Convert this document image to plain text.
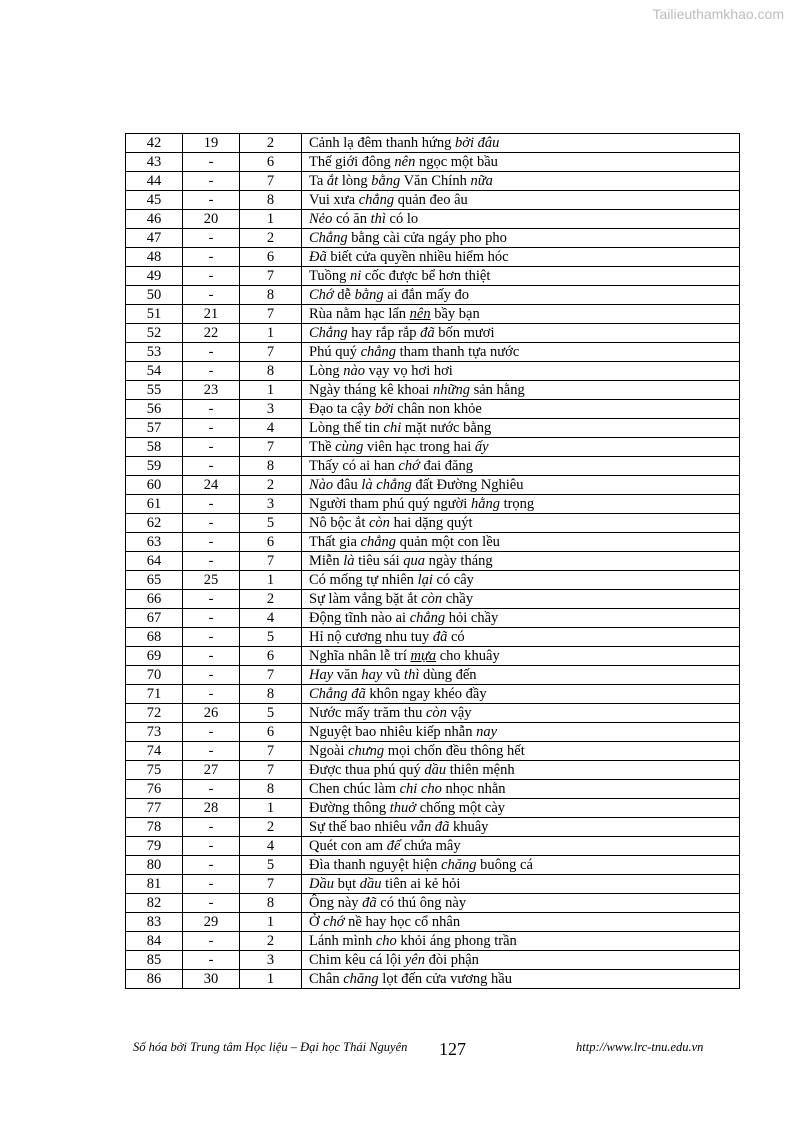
Tailieuthamkhao.com
42	19	2	Cảnh lạ đêm thanh hứng bởi đâu
43	-	6	Thế giới đông nên ngọc một bầu
44	-	7	Ta ắt lòng bằng Văn Chính nữa
45	-	8	Vui xưa chẳng quản đeo âu
46	20	1	Nẻo có ăn thì có lo
47	-	2	Chẳng bằng cài cửa ngáy pho pho
48	-	6	Đã biết cửa quyền nhiều hiểm hóc
49	-	7	Tuồng ni cốc được bể hơn thiệt
50	-	8	Chớ dễ bằng ai đắn mấy đo
51	21	7	Rùa nằm hạc lẩn nên bầy bạn
52	22	1	Chẳng hay rắp rắp đã bốn mươi
53	-	7	Phú quý chẳng tham thanh tựa nước
54	-	8	Lòng nào vạy vọ hơi hơi
55	23	1	Ngày tháng kê khoai những sản hằng
56	-	3	Đạo ta cậy bởi chân non khỏe
57	-	4	Lòng thể tin chi mặt nước bằng
58	-	7	Thề cùng viên hạc trong hai ấy
59	-	8	Thấy có ai han chớ đai đăng
60	24	2	Nào đâu là chẳng đất Đường Nghiêu
61	-	3	Người tham phú quý người hằng trọng
62	-	5	Nô bộc ắt còn hai dặng quýt
63	-	6	Thất gia chẳng quản một con lều
64	-	7	Miễn là tiêu sái qua ngày tháng
65	25	1	Có mống tự nhiên lại có cây
66	-	2	Sự làm vắng bặt ắt còn chầy
67	-	4	Động tĩnh nào ai chẳng hỏi chầy
68	-	5	Hỉ nộ cương nhu tuy đã có
69	-	6	Nghĩa nhân lễ trí mựa cho khuây
70	-	7	Hay văn hay vũ thì dùng đến
71	-	8	Chẳng đã khôn ngay khéo đầy
72	26	5	Nước mấy trăm thu còn vậy
73	-	6	Nguyệt bao nhiêu kiếp nhẫn nay
74	-	7	Ngoài chưng mọi chốn đều thông hết
75	27	7	Được thua phú quý dầu thiên mệnh
76	-	8	Chen chúc làm chi cho nhọc nhằn
77	28	1	Đường thông thuở chống một cày
78	-	2	Sự thế bao nhiêu vẫn đã khuây
79	-	4	Quét con am để chứa mây
80	-	5	Đìa thanh nguyệt hiện chăng buông cá
81	-	7	Dầu bụt dầu tiên ai kẻ hỏi
82	-	8	Ông này đã có thú ông này
83	29	1	Ở chớ nề hay học cổ nhân
84	-	2	Lánh mình cho khỏi áng phong trần
85	-	3	Chim kêu cá lội yên đòi phận
86	30	1	Chân chăng lọt đến cửa vương hầu
Số hóa bởi Trung tâm Học liệu – Đại học Thái Nguyên 127	http://www.lrc-tnu.edu.vn
